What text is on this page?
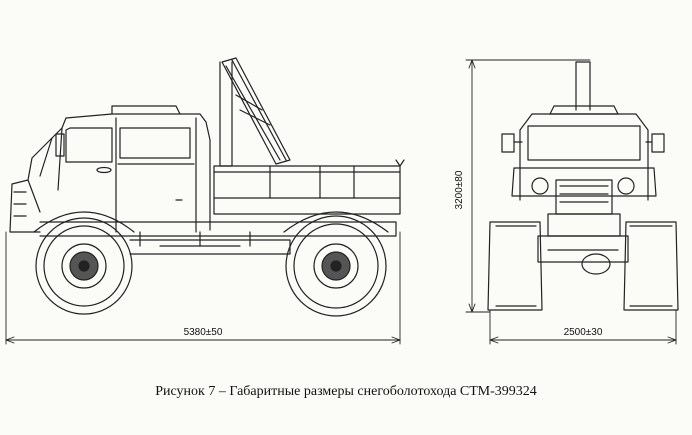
5380±50	2500±30
3200±80
Рисунок 7 – Габаритные размеры снегоболотохода СТМ-399324
